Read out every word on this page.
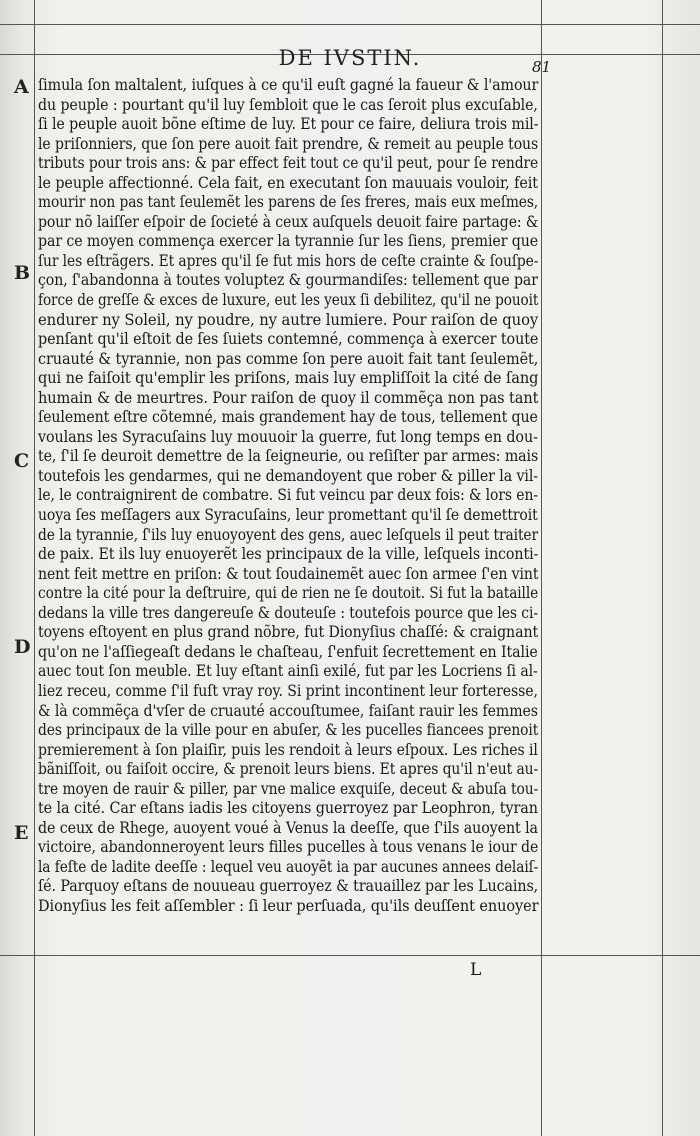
DE IVSTIN.	81
A
B
C
D
E
ſimula ſon maltalent, iuſques à ce qu'il euſt gagné la faueur & l'amour
du peuple : pourtant qu'il luy ſembloit que le cas ſeroit plus excuſable,
ſi le peuple auoit bõne eſtime de luy. Et pour ce faire, deliura trois mil-
le priſonniers, que ſon pere auoit fait prendre, & remeit au peuple tous
tributs pour trois ans: & par effect feit tout ce qu'il peut, pour ſe rendre
le peuple affectionné. Cela fait, en executant ſon mauuais vouloir, feit
mourir non pas tant ſeulemẽt les parens de ſes freres, mais eux meſmes,
pour nõ laiſſer eſpoir de ſocieté à ceux auſquels deuoit faire partage: &
par ce moyen commença exercer la tyrannie ſur les ſiens, premier que
ſur les eſtrãgers. Et apres qu'il ſe fut mis hors de ceſte crainte & ſouſpe-
çon, ſ'abandonna à toutes voluptez & gourmandiſes: tellement que par
force de greſſe & exces de luxure, eut les yeux ſi debilitez, qu'il ne pouoit
endurer ny Soleil, ny poudre, ny autre lumiere. Pour raiſon de quoy
penſant qu'il eſtoit de ſes ſuiets contemné, commença à exercer toute
cruauté & tyrannie, non pas comme ſon pere auoit fait tant ſeulemẽt,
qui ne faiſoit qu'emplir les priſons, mais luy empliſſoit la cité de ſang
humain & de meurtres. Pour raiſon de quoy il commẽça non pas tant
ſeulement eſtre cõtemné, mais grandement hay de tous, tellement que
voulans les Syracuſains luy mouuoir la guerre, fut long temps en dou-
te, ſ'il ſe deuroit demettre de la ſeigneurie, ou reſiſter par armes: mais
toutefois les gendarmes, qui ne demandoyent que rober & piller la vil-
le, le contraignirent de combatre. Si fut veincu par deux fois: & lors en-
uoya ſes meſſagers aux Syracuſains, leur promettant qu'il ſe demettroit
de la tyrannie, ſ'ils luy enuoyoyent des gens, auec leſquels il peut traiter
de paix. Et ils luy enuoyerẽt les principaux de la ville, leſquels inconti-
nent feit mettre en priſon: & tout ſoudainemẽt auec ſon armee ſ'en vint
contre la cité pour la deſtruire, qui de rien ne ſe doutoit. Si fut la bataille
dedans la ville tres dangereuſe & douteuſe : toutefois pource que les ci-
toyens eſtoyent en plus grand nõbre, fut Dionyſius chaſſé: & craignant
qu'on ne l'aſſiegeaſt dedans le chaſteau, ſ'enfuit ſecrettement en Italie
auec tout ſon meuble. Et luy eſtant ainſi exilé, fut par les Locriens ſi al-
liez receu, comme ſ'il fuſt vray roy. Si print incontinent leur forteresse,
& là commẽça d'vſer de cruauté accouſtumee, faiſant rauir les femmes
des principaux de la ville pour en abuſer, & les pucelles fiancees prenoit
premierement à ſon plaiſir, puis les rendoit à leurs eſpoux. Les riches il
bãniſſoit, ou faiſoit occire, & prenoit leurs biens. Et apres qu'il n'eut au-
tre moyen de rauir & piller, par vne malice exquiſe, deceut & abuſa tou-
te la cité. Car eſtans iadis les citoyens guerroyez par Leophron, tyran
de ceux de Rhege, auoyent voué à Venus la deeſſe, que ſ'ils auoyent la
victoire, abandonneroyent leurs filles pucelles à tous venans le iour de
la feſte de ladite deeſſe : lequel veu auoyẽt ia par aucunes annees delaiſ-
ſé. Parquoy eſtans de nouueau guerroyez & trauaillez par les Lucains,
Dionyſius les feit aſſembler : ſi leur perſuada, qu'ils deuſſent enuoyer
L
